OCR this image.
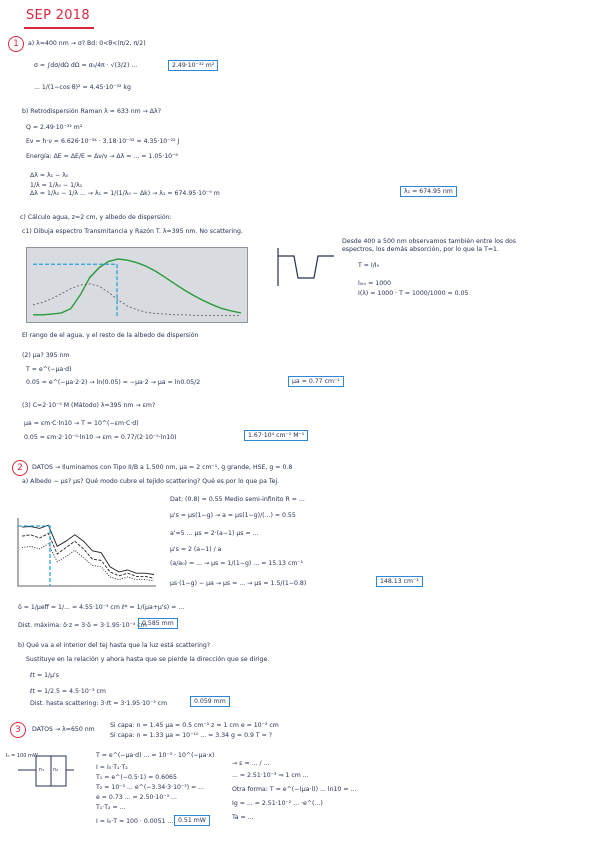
SEP 2018
1	a) λ=400 nm → σ? Bd: 0<θ<(π/2, π/2)
σ = ∫dσ/dΩ dΩ = σ₀/4π · √(3/2) ...	2.49·10⁻³² m²
... 1/(1−cos θ)² = 4.45·10⁻³² kg
b) Retrodispersión Raman λ = 633 nm → Δλ?
Q = 2.49·10⁻³² m²
Eν = h·ν = 6.626·10⁻³⁴ · 3.18·10⁻³² = 4.35·10⁻²² J
Energía: ΔE = ΔE/E = Δν/ν → Δλ = ... = 1.05·10⁻⁶
Δλ = λ₁ − λ₀
1/λ = 1/λ₀ − 1/λ₁
Δλ = 1/λ₀ − 1/λ ... → λ₁ = 1/(1/λ₀ − Δk) → λ₁ = 674.95·10⁻⁹ m	λ₁ = 674.95 nm
c) Cálculo agua, z=2 cm, y albedo de dispersión:
c1) Dibuja espectro Transmitancia y Razón T. λ=395 nm. No scattering.
El rango de el agua, y el resto de la albedo de dispersión
Desde 400 a 500 nm observamos también entre los dos
espectros, los demás absorción, por lo que la T=1.
T = I/I₀
I₀ₘ = 1000
I(λ) = 1000 · T = 1000/1000 = 0.05
(2) μa? 395 nm
T = e^(−μa·d)
0.05 = e^(−μa·2·2) → ln(0.05) = −μa·2 → μa = ln0.05/2	μa = 0.77 cm⁻¹
(3) C=2·10⁻⁵ M (Mátodo) λ=395 nm → εm?
μa = εm·C·ln10 → T = 10^(−εm·C·d)
0.05 = εm·2·10⁻⁵·ln10 → εm = 0.77/(2·10⁻⁵·ln10)	1.67·10⁴ cm⁻¹ M⁻¹
2	DATOS → Iluminamos con Tipo II/B a 1.500 nm, μa = 2 cm⁻¹, g grande, HSE, g = 0.8
a) Albedo − μs? μs? Qué modo cubre el tejido scattering? Qué es por lo que pa Tej.
Dat: (0.8) = 0.55 Medio semi-infinito R = ...
μ's = μs(1−g) → a = μs(1−g)/(...) = 0.55
a'=5 ... μs = 2·(a−1) μs = ...
μ's = 2 (a−1) / a
(a/a₀) = ... → μs = 1/(1−g) ... = 15.13 cm⁻¹
μs·(1−g) − μa → μs = ... → μs = 1.5/(1−0.8)	148.13 cm⁻¹
δ = 1/μeff = 1/... = 4.55·10⁻³ cm ℓ* = 1/(μa+μ's) = ...
Dist. máxima: δ·z = 3·δ = 3·1.95·10⁻³ cm
0.585 mm
b) Qué va a el interior del tej hasta que la luz está scattering?
Sustituye en la relación y ahora hasta que se pierde la dirección que se dirige.
ℓt = 1/μ's
ℓt = 1/2.5 = 4.5·10⁻³ cm
Dist. hasta scattering: 3·ℓt = 3·1.95·10⁻³ cm	0.059 mm
3	DATOS → λ=650 nm
Si capa: n = 1.45 μa = 0.5 cm⁻¹ z = 1 cm e = 10⁻³ cm
Si capa: n = 1.33 μa = 10⁻¹⁰ ... = 3.34 g = 0.9 T = ?
I₀ = 100 mW
n₁ n₂
T = e^(−μa·d) ... = 10⁻³ · 10^(−μa·x)
I = I₀·T₁·T₂
T₁ = e^(−0.5·1) = 0.6065
T₂ = 10⁻³ ... e^(−3.34·3·10⁻³) = ...
e = 0.73 ... = 2.50·10⁻³ ...
T₁·T₂ = ...
I = I₀·T = 100 · 0.0051 ... 0.51 mW
→ ε = ... / ...
... = 2.51·10⁻³ ⇒ 1 cm ...
Otra forma: T = e^(−(μa·l)) ... ln10 = ...
Ig = ... = 2.51·10⁻² ... ·e^(...)
Ta = ...
